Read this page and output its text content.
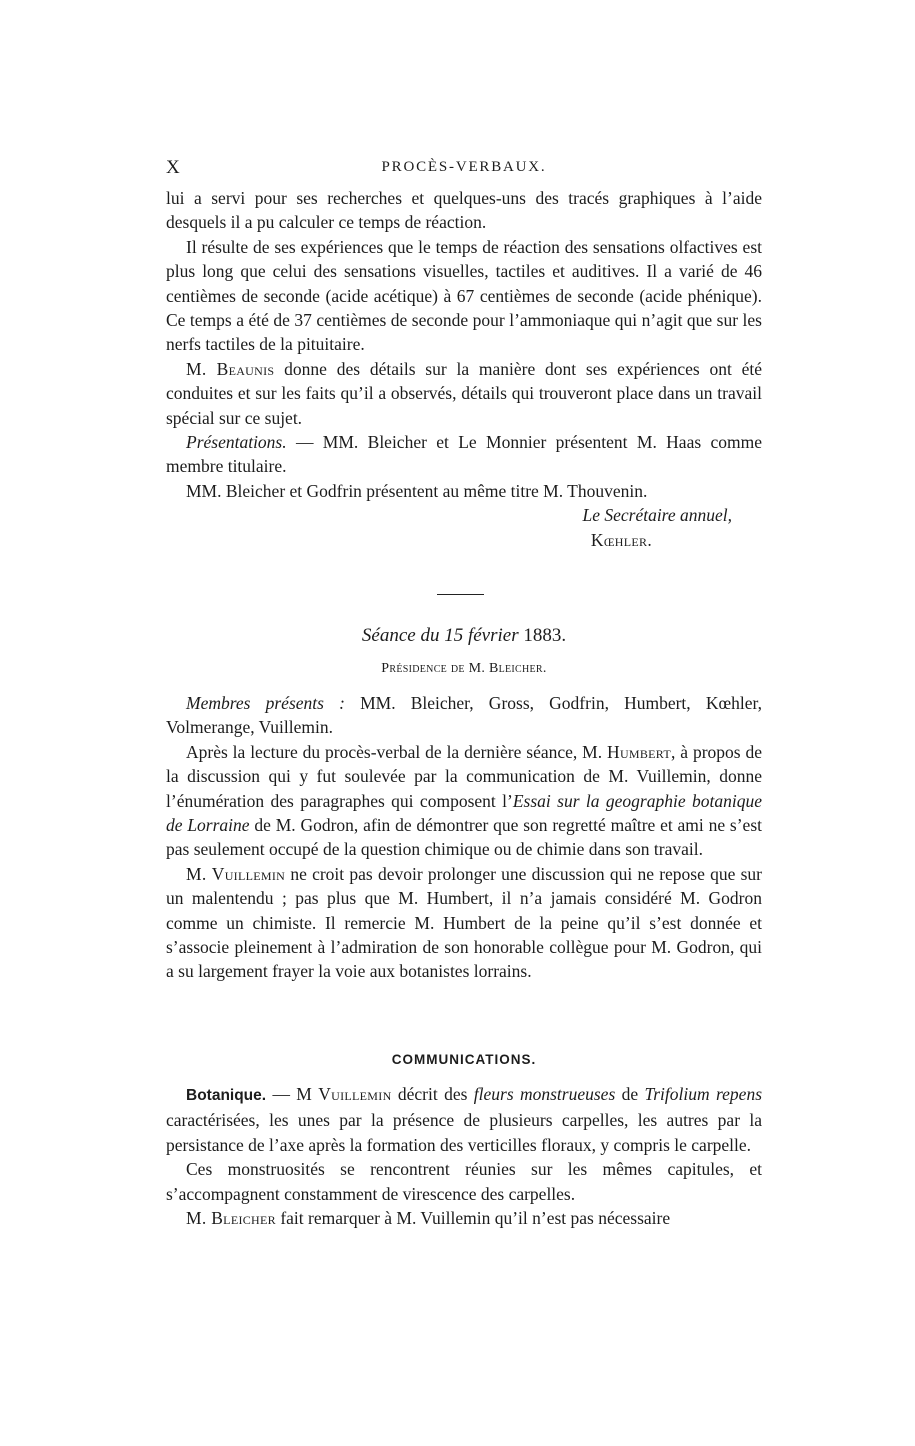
X	PROCÈS-VERBAUX.

lui a servi pour ses recherches et quelques-uns des tracés graphiques à l’aide desquels il a pu calculer ce temps de réaction.

Il résulte de ses expériences que le temps de réaction des sensations olfactives est plus long que celui des sensations visuelles, tactiles et auditives. Il a varié de 46 centièmes de seconde (acide acétique) à 67 centièmes de seconde (acide phénique). Ce temps a été de 37 centièmes de seconde pour l’ammoniaque qui n’agit que sur les nerfs tactiles de la pituitaire.

M. Beaunis donne des détails sur la manière dont ses expériences ont été conduites et sur les faits qu’il a observés, détails qui trouveront place dans un travail spécial sur ce sujet.

Présentations. — MM. Bleicher et Le Monnier présentent M. Haas comme membre titulaire.

MM. Bleicher et Godfrin présentent au même titre M. Thouvenin.

Le Secrétaire annuel,

Kœhler.

Séance du 15 février 1883.
Présidence de M. Bleicher.

Membres présents : MM. Bleicher, Gross, Godfrin, Humbert, Kœhler, Volmerange, Vuillemin.

Après la lecture du procès-verbal de la dernière séance, M. Humbert, à propos de la discussion qui y fut soulevée par la communication de M. Vuillemin, donne l’énumération des paragraphes qui composent l’Essai sur la geographie botanique de Lorraine de M. Godron, afin de démontrer que son regretté maître et ami ne s’est pas seulement occupé de la question chimique ou de chimie dans son travail.

M. Vuillemin ne croit pas devoir prolonger une discussion qui ne repose que sur un malentendu ; pas plus que M. Humbert, il n’a jamais considéré M. Godron comme un chimiste. Il remercie M. Humbert de la peine qu’il s’est donnée et s’associe pleinement à l’admiration de son honorable collègue pour M. Godron, qui a su largement frayer la voie aux botanistes lorrains.

COMMUNICATIONS.

Botanique. — M Vuillemin décrit des fleurs monstrueuses de Trifolium repens caractérisées, les unes par la présence de plusieurs carpelles, les autres par la persistance de l’axe après la formation des verticilles floraux, y compris le carpelle.

Ces monstruosités se rencontrent réunies sur les mêmes capitules, et s’accompagnent constamment de virescence des carpelles.

M. Bleicher fait remarquer à M. Vuillemin qu’il n’est pas nécessaire
